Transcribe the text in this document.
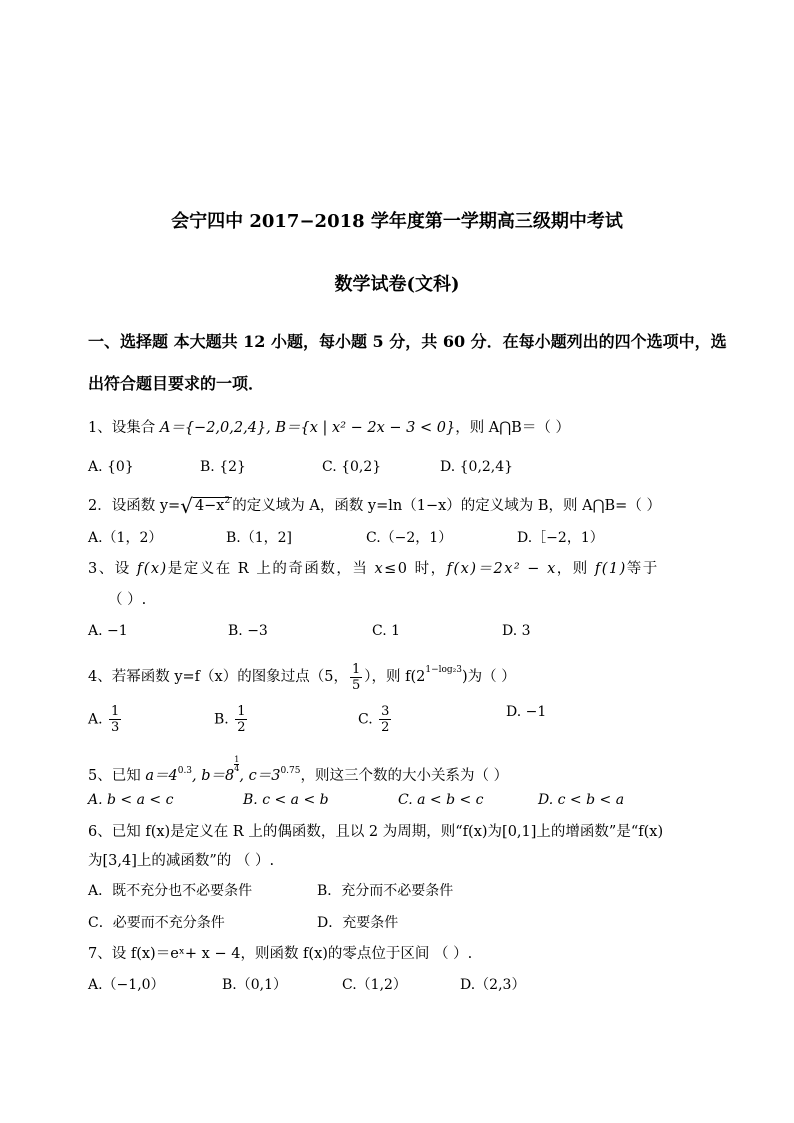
会宁四中 2017−2018 学年度第一学期高三级期中考试
数学试卷(文科)
一、选择题 本大题共 12 小题，每小题 5 分，共 60 分．在每小题列出的四个选项中，选
出符合题目要求的一项．
1、设集合 A＝{−2,0,2,4}, B＝{x | x² − 2x − 3 < 0}，则 A⋂B＝（ ）
A. {0}	B. {2}	C. {0,2}	D. {0,2,4}
2．设函数 y=√ $4-x^2$ 的定义域为 A，函数 y=ln（1−x）的定义域为 B，则 A⋂B=（ ）
A.（1，2）	B.（1，2]	C.（−2，1）	D.［−2，1）
3、设 f(x)是定义在 R 上的奇函数，当 x≤0 时，f(x)＝2x² − x，则 f(1)等于
（ ）.
A. −1	B. −3	C. 1	D. 3
4、若幂函数 y=f（x）的图象过点（5， $\frac{1}{5}$ ），则 $f(2^{1-log_23})$为（ ）
A. $\frac{1}{3}$	B. $\frac{1}{2}$	C. $\frac{3}{2}$	D. −1
5、已知 $a=4^{0.3}$, b＝8
$\frac{1}{4}$
, $c=3^{0.75}$，则这三个数的大小关系为（ ）
A. b < a < c	B. c < a < b	C. a < b < c	D. c < b < a
6、已知 f(x)是定义在 R 上的偶函数，且以 2 为周期，则“f(x)为[0,1]上的增函数”是“f(x)
为[3,4]上的减函数”的 （ ）.
A．既不充分也不必要条件	B．充分而不必要条件
C．必要而不充分条件	D．充要条件
7、设 f(x)＝eˣ+ x − 4，则函数 f(x)的零点位于区间 （ ）.
A.（−1,0）	B.（0,1）	C.（1,2）	D.（2,3）
